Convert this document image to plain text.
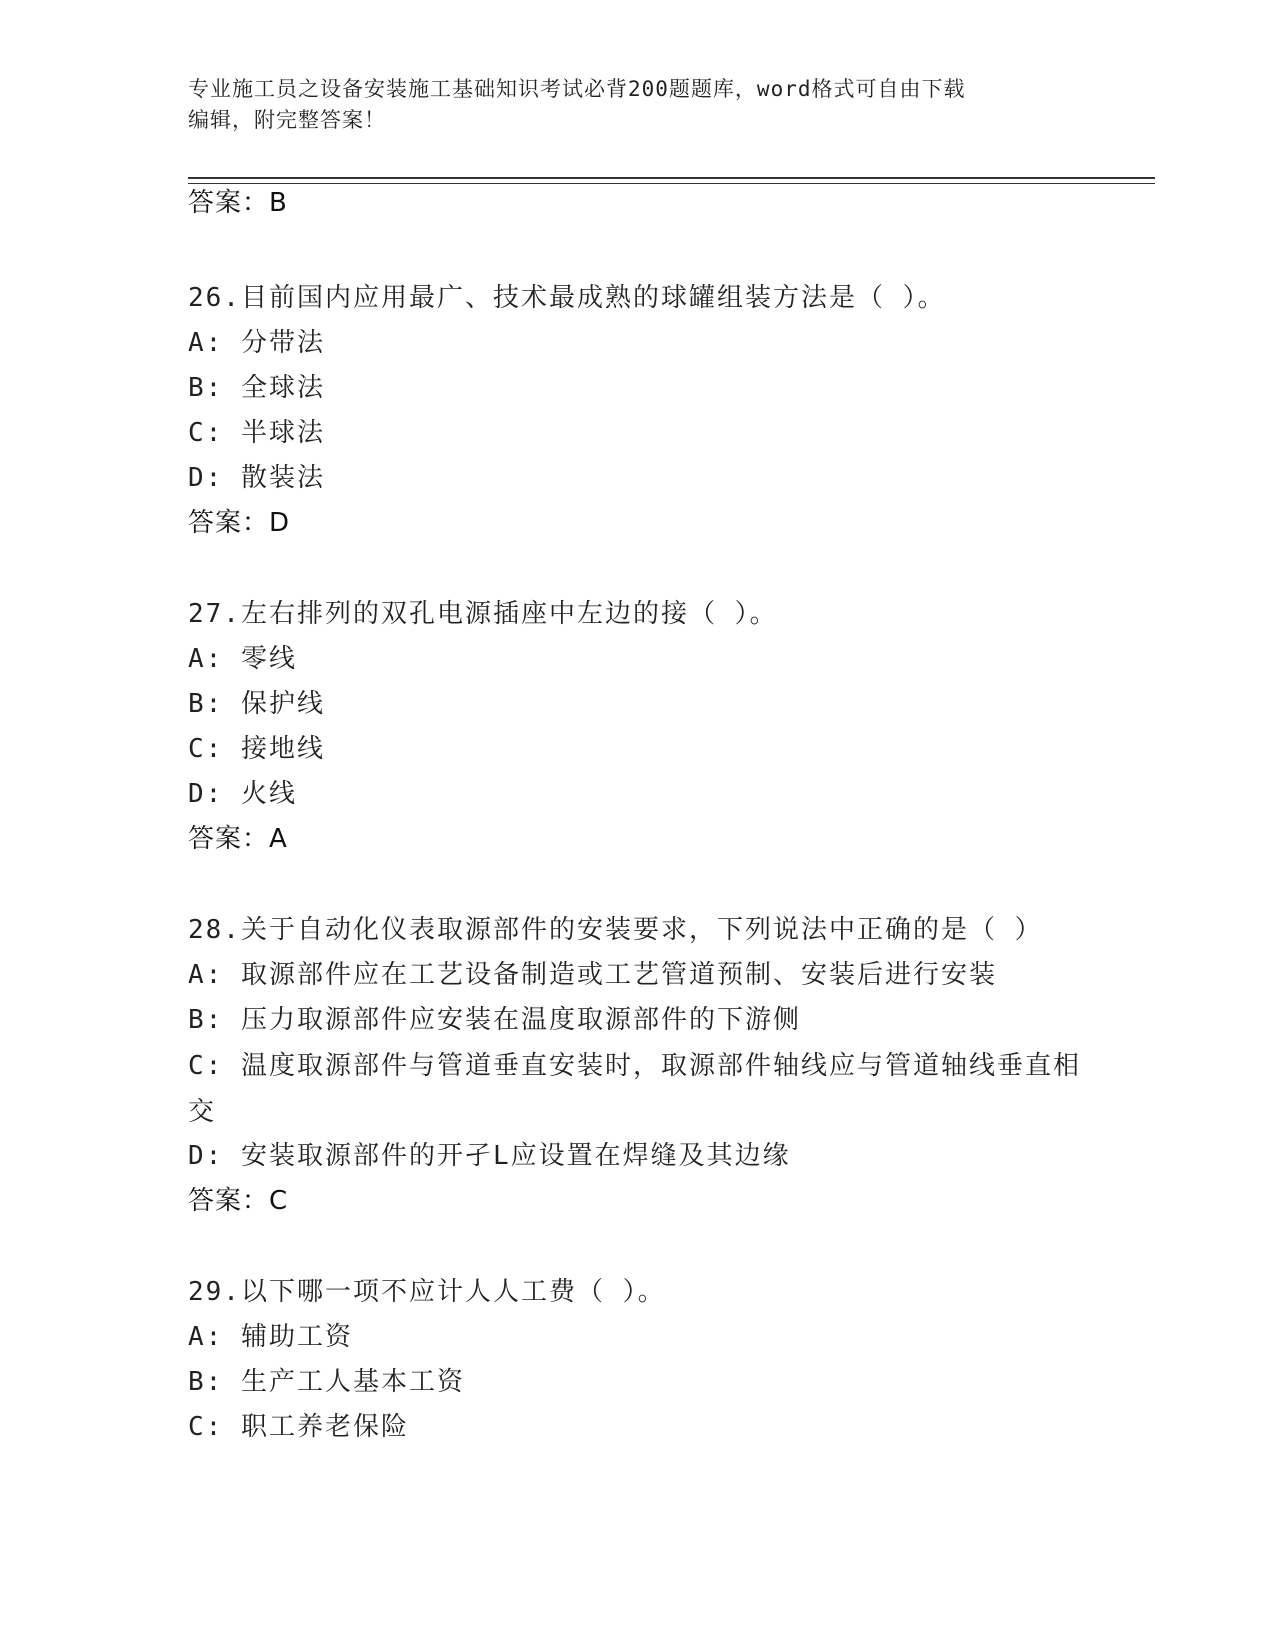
专业施工员之设备安装施工基础知识考试必背200题题库，word格式可自由下载
编辑，附完整答案！
答案：B
26.目前国内应用最广、技术最成熟的球罐组装方法是（ ）。
A: 分带法
B: 全球法
C: 半球法
D: 散装法
答案：D
27.左右排列的双孔电源插座中左边的接（ ）。
A: 零线
B: 保护线
C: 接地线
D: 火线
答案：A
28.关于自动化仪表取源部件的安装要求，下列说法中正确的是（ ）
A: 取源部件应在工艺设备制造或工艺管道预制、安装后进行安装
B: 压力取源部件应安装在温度取源部件的下游侧
C: 温度取源部件与管道垂直安装时，取源部件轴线应与管道轴线垂直相交
D: 安装取源部件的开孑L应设置在焊缝及其边缘
答案：C
29.以下哪一项不应计人人工费（ ）。
A: 辅助工资
B: 生产工人基本工资
C: 职工养老保险
